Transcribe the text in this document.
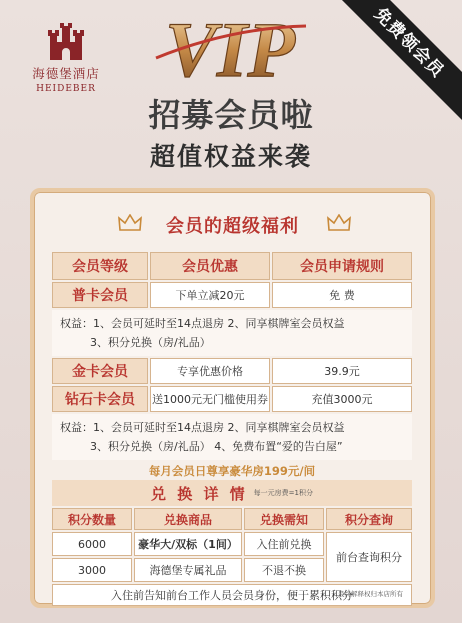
免费领会员
海德堡酒店
HEIDEBER VIP
招募会员啦
超值权益来袭
会员的超级福利
会员等级	会员优惠	会员申请规则
普卡会员	下单立减20元	免 费
权益：1、会员可延时至14点退房 2、同享棋牌室会员权益
3、积分兑换（房/礼品）
金卡会员	专享优惠价格	39.9元
钻石卡会员	送1000元无门槛使用券	充值3000元
权益：1、会员可延时至14点退房 2、同享棋牌室会员权益
3、积分兑换（房/礼品） 4、免费布置“爱的告白屋”
每月会员日尊享豪华房199元/间
兑 换 详 情 每一元房费=1积分
积分数量	兑换商品	兑换需知	积分查询
6000	豪华大/双标（1间）	入住前兑换
3000	海德堡专属礼品	不退不换
前台查询积分
入住前告知前台工作人员会员身份，便于累积积分
最终解释权归本店所有
